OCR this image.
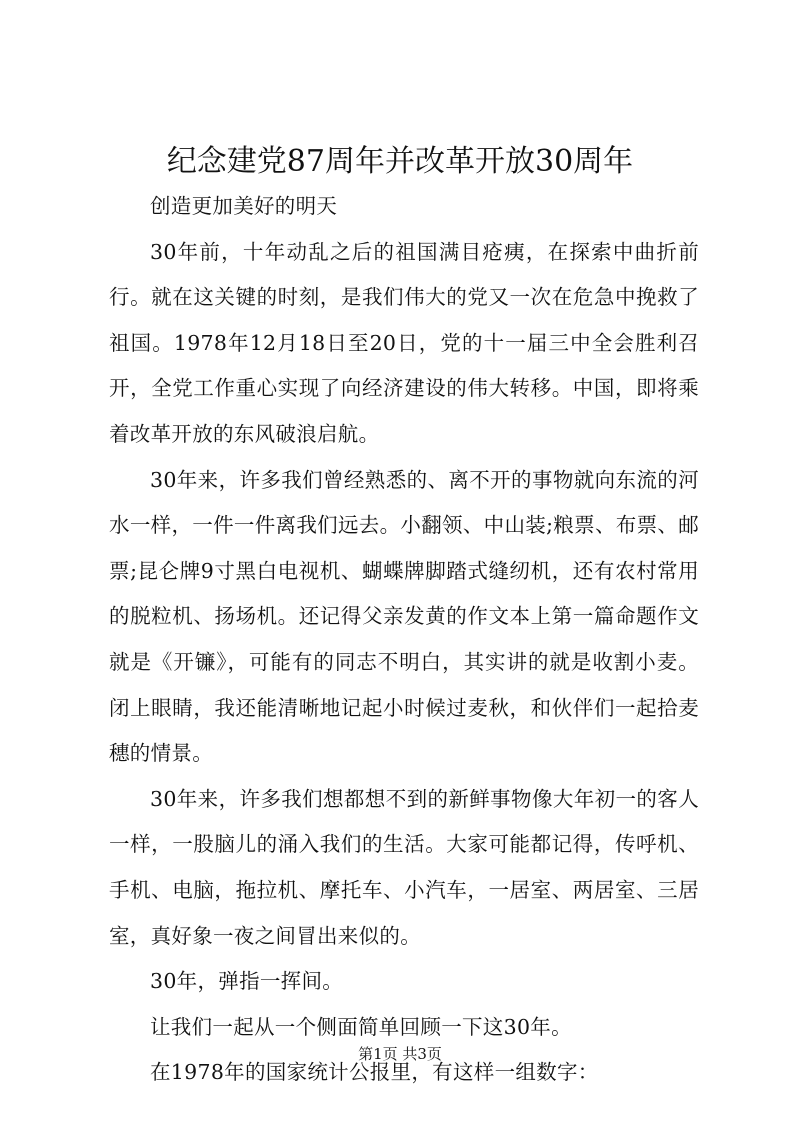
纪念建党87周年并改革开放30周年

创造更加美好的明天

30年前，十年动乱之后的祖国满目疮痍，在探索中曲折前行。就在这关键的时刻，是我们伟大的党又一次在危急中挽救了祖国。1978年12月18日至20日，党的十一届三中全会胜利召开，全党工作重心实现了向经济建设的伟大转移。中国，即将乘着改革开放的东风破浪启航。

30年来，许多我们曾经熟悉的、离不开的事物就向东流的河水一样，一件一件离我们远去。小翻领、中山装;粮票、布票、邮票;昆仑牌9寸黑白电视机、蝴蝶牌脚踏式缝纫机，还有农村常用的脱粒机、扬场机。还记得父亲发黄的作文本上第一篇命题作文就是《开镰》，可能有的同志不明白，其实讲的就是收割小麦。闭上眼睛，我还能清晰地记起小时候过麦秋，和伙伴们一起拾麦穗的情景。

30年来，许多我们想都想不到的新鲜事物像大年初一的客人一样，一股脑儿的涌入我们的生活。大家可能都记得，传呼机、手机、电脑，拖拉机、摩托车、小汽车，一居室、两居室、三居室，真好象一夜之间冒出来似的。

30年，弹指一挥间。

让我们一起从一个侧面简单回顾一下这30年。

在1978年的国家统计公报里，有这样一组数字：

第1页 共3页
